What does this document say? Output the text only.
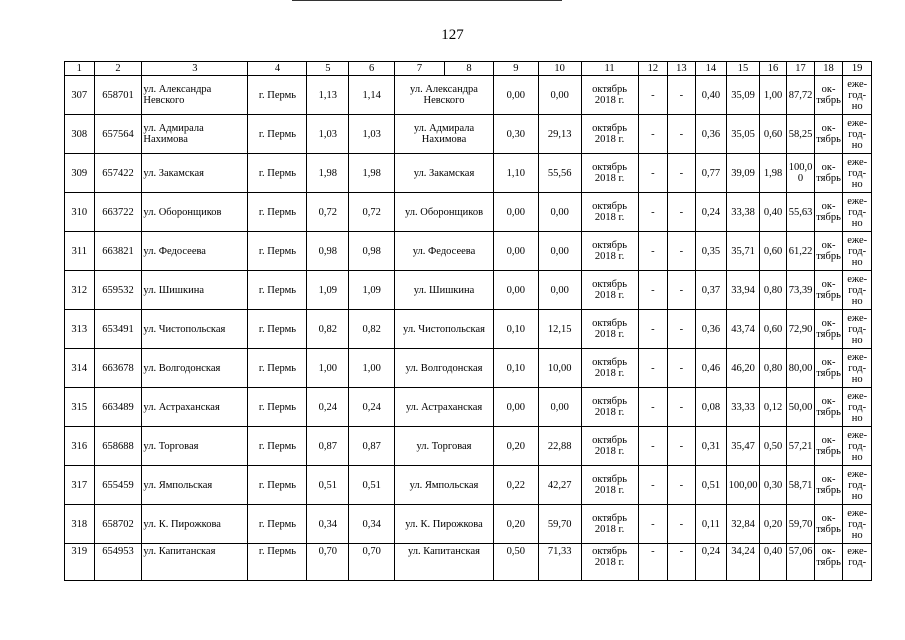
127
1	2	3	4	5	6	7	8	9	10	11	12	13	14	15	16	17	18	19
307	658701	ул. Александра Невского	г. Пермь	1,13	1,14	ул. Александра Невского		0,00	0,00	октябрь 2018 г.	-	-	0,40	35,09	1,00	87,72	ок-тябрь	еже-год-но
308	657564	ул. Адмирала Нахимова	г. Пермь	1,03	1,03	ул. Адмирала Нахимова		0,30	29,13	октябрь 2018 г.	-	-	0,36	35,05	0,60	58,25	ок-тябрь	еже-год-но
309	657422	ул. Закамская	г. Пермь	1,98	1,98	ул. Закамская		1,10	55,56	октябрь 2018 г.	-	-	0,77	39,09	1,98	100,0 0	ок-тябрь	еже-год-но
310	663722	ул. Оборонщиков	г. Пермь	0,72	0,72	ул. Оборонщиков		0,00	0,00	октябрь 2018 г.	-	-	0,24	33,38	0,40	55,63	ок-тябрь	еже-год-но
311	663821	ул. Федосеева	г. Пермь	0,98	0,98	ул. Федосеева		0,00	0,00	октябрь 2018 г.	-	-	0,35	35,71	0,60	61,22	ок-тябрь	еже-год-но
312	659532	ул. Шишкина	г. Пермь	1,09	1,09	ул. Шишкина		0,00	0,00	октябрь 2018 г.	-	-	0,37	33,94	0,80	73,39	ок-тябрь	еже-год-но
313	653491	ул. Чистопольская	г. Пермь	0,82	0,82	ул. Чистопольская		0,10	12,15	октябрь 2018 г.	-	-	0,36	43,74	0,60	72,90	ок-тябрь	еже-год-но
314	663678	ул. Волгодонская	г. Пермь	1,00	1,00	ул. Волгодонская		0,10	10,00	октябрь 2018 г.	-	-	0,46	46,20	0,80	80,00	ок-тябрь	еже-год-но
315	663489	ул. Астраханская	г. Пермь	0,24	0,24	ул. Астраханская		0,00	0,00	октябрь 2018 г.	-	-	0,08	33,33	0,12	50,00	ок-тябрь	еже-год-но
316	658688	ул. Торговая	г. Пермь	0,87	0,87	ул. Торговая		0,20	22,88	октябрь 2018 г.	-	-	0,31	35,47	0,50	57,21	ок-тябрь	еже-год-но
317	655459	ул. Ямпольская	г. Пермь	0,51	0,51	ул. Ямпольская		0,22	42,27	октябрь 2018 г.	-	-	0,51	100,00	0,30	58,71	ок-тябрь	еже-год-но
318	658702	ул. К. Пирожкова	г. Пермь	0,34	0,34	ул. К. Пирожкова		0,20	59,70	октябрь 2018 г.	-	-	0,11	32,84	0,20	59,70	ок-тябрь	еже-год-но
319	654953	ул. Капитанская	г. Пермь	0,70	0,70	ул. Капитанская		0,50	71,33	октябрь 2018 г.	-	-	0,24	34,24	0,40	57,06	ок-тябрь	еже-год-
